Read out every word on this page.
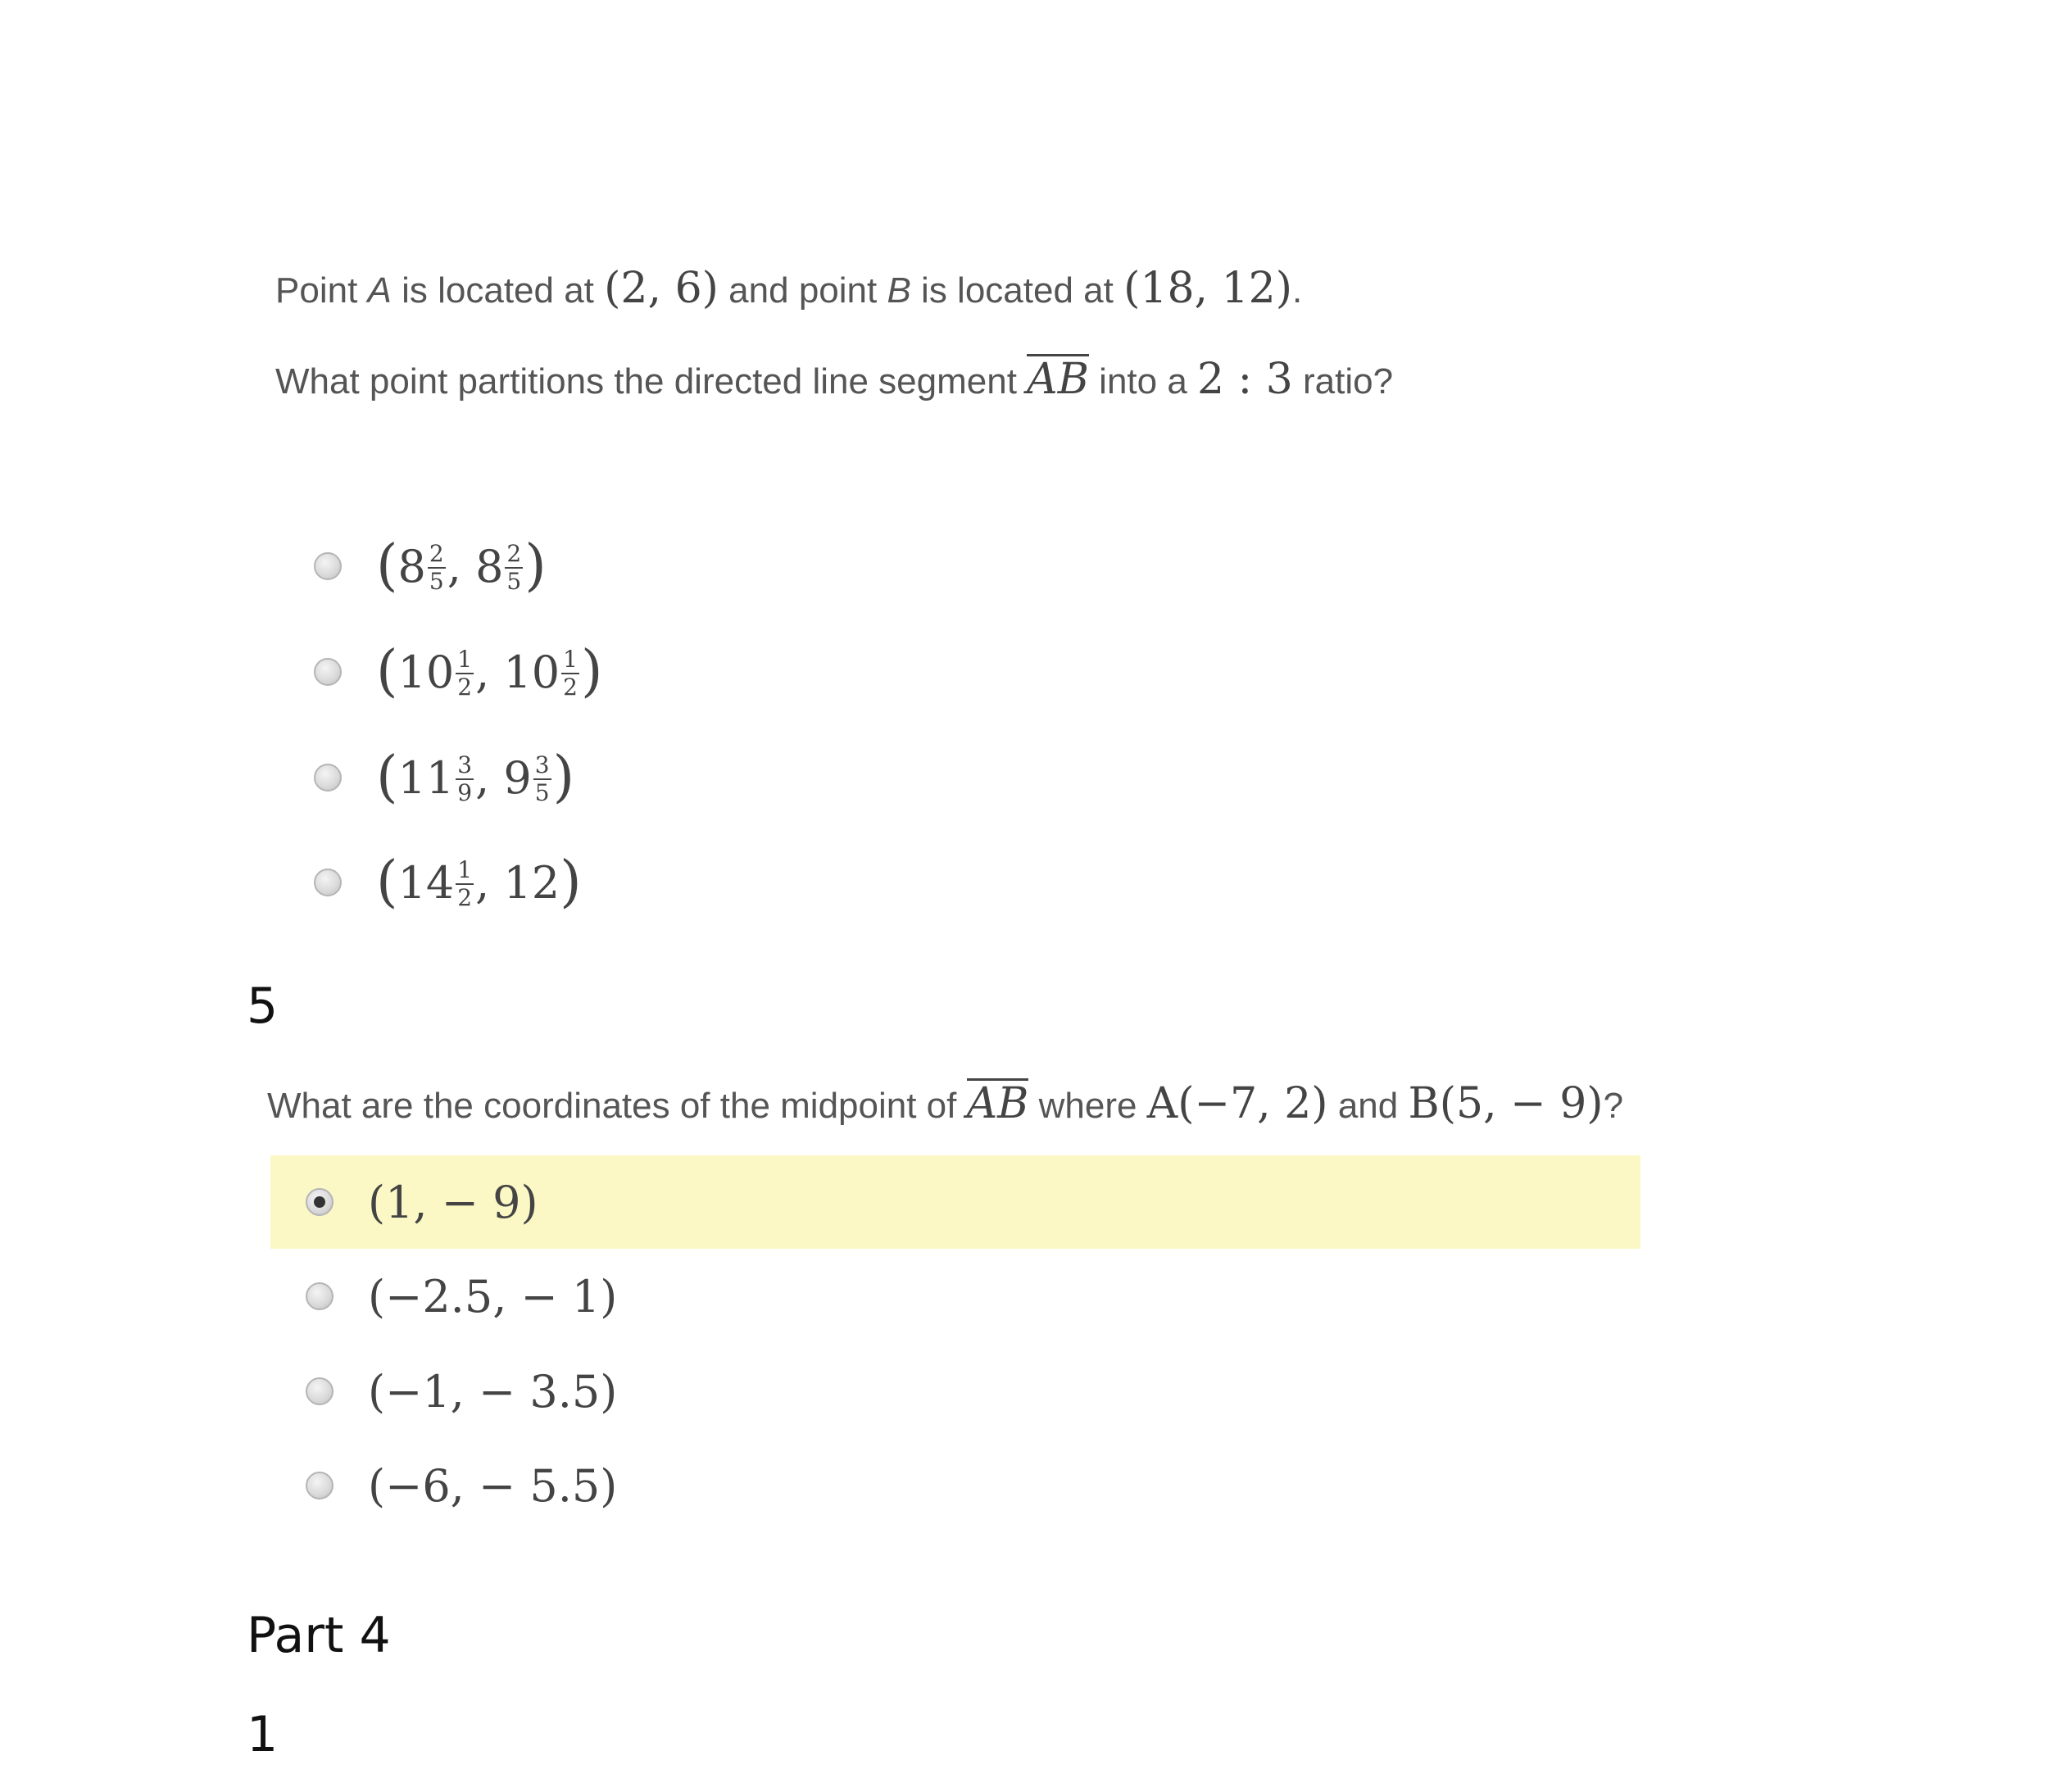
Point A is located at (2, 6) and point B is located at (18, 12).
What point partitions the directed line segment AB into a 2 : 3 ratio?
( $8 \frac{2}{5}$ , $8 \frac{2}{5}$ )
( $10 \frac{1}{2}$ , $10 \frac{1}{2}$ )
( $11 \frac{3}{9}$ , $9 \frac{3}{5}$ )
( $14 \frac{1}{2}$ , 12 )
5
What are the coordinates of the midpoint of AB where A(−7, 2) and B(5, − 9)?
(1, − 9)
(−2.5, − 1)
(−1, − 3.5)
(−6, − 5.5)
Part 4
1
